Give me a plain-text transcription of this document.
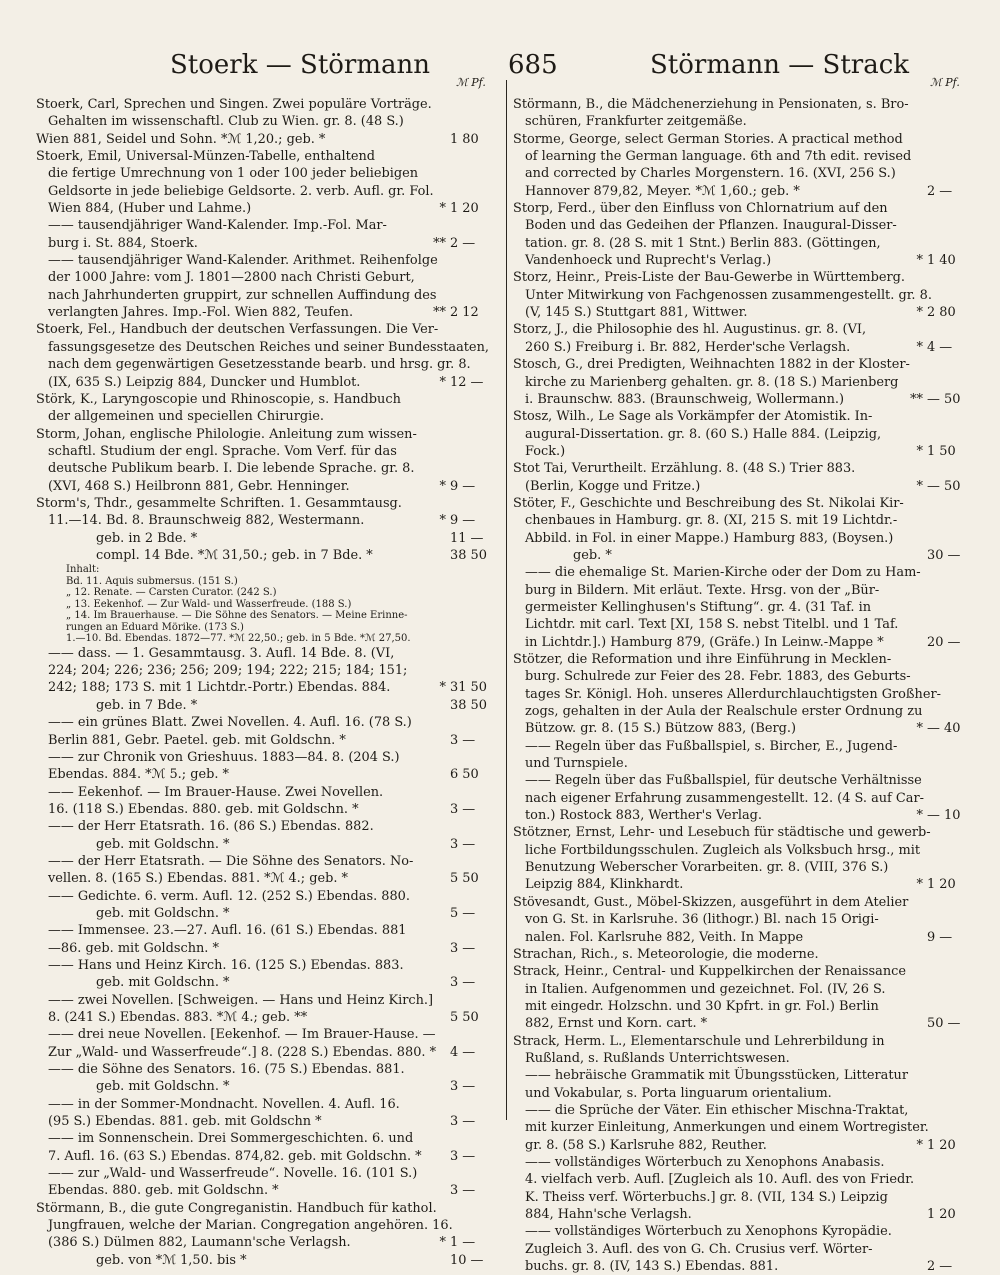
Stoerk — Störmann	685	Störmann — Strack
ℳ Pf.	ℳ Pf.
Stoerk, Carl, Sprechen und Singen. Zwei populäre Vorträge.
Gehalten im wissenschaftl. Club zu Wien. gr. 8. (48 S.)
Wien 881, Seidel und Sohn. *ℳ 1,20.; geb. *	1 80
Stoerk, Emil, Universal-Münzen-Tabelle, enthaltend
die fertige Umrechnung von 1 oder 100 jeder beliebigen
Geldsorte in jede beliebige Geldsorte. 2. verb. Aufl. gr. Fol.
Wien 884, (Huber und Lahme.)	* 1 20
—— tausendjähriger Wand-Kalender. Imp.-Fol. Mar-
burg i. St. 884, Stoerk.	** 2 —
—— tausendjähriger Wand-Kalender. Arithmet. Reihenfolge
der 1000 Jahre: vom J. 1801—2800 nach Christi Geburt,
nach Jahrhunderten gruppirt, zur schnellen Auffindung des
verlangten Jahres. Imp.-Fol. Wien 882, Teufen.	** 2 12
Stoerk, Fel., Handbuch der deutschen Verfassungen. Die Ver-
fassungsgesetze des Deutschen Reiches und seiner Bundesstaaten,
nach dem gegenwärtigen Gesetzesstande bearb. und hrsg. gr. 8.
(IX, 635 S.) Leipzig 884, Duncker und Humblot.	* 12 —
Störk, K., Laryngoscopie und Rhinoscopie, s. Handbuch
der allgemeinen und speciellen Chirurgie.
Storm, Johan, englische Philologie. Anleitung zum wissen-
schaftl. Studium der engl. Sprache. Vom Verf. für das
deutsche Publikum bearb. I. Die lebende Sprache. gr. 8.
(XVI, 468 S.) Heilbronn 881, Gebr. Henninger.	* 9 —
Storm's, Thdr., gesammelte Schriften. 1. Gesammtausg.
11.—14. Bd. 8. Braunschweig 882, Westermann.	* 9 —
geb. in 2 Bde. *	11 —
compl. 14 Bde. *ℳ 31,50.; geb. in 7 Bde. *	38 50
Inhalt:
Bd. 11. Aquis submersus. (151 S.)
„ 12. Renate. — Carsten Curator. (242 S.)
„ 13. Eekenhof. — Zur Wald- und Wasserfreude. (188 S.)
„ 14. Im Brauerhause. — Die Söhne des Senators. — Meine Erinne-
rungen an Eduard Mörike. (173 S.)
1.—10. Bd. Ebendas. 1872—77. *ℳ 22,50.; geb. in 5 Bde. *ℳ 27,50.
—— dass. — 1. Gesammtausg. 3. Aufl. 14 Bde. 8. (VI,
224; 204; 226; 236; 256; 209; 194; 222; 215; 184; 151;
242; 188; 173 S. mit 1 Lichtdr.-Portr.) Ebendas. 884.	* 31 50
geb. in 7 Bde. *	38 50
—— ein grünes Blatt. Zwei Novellen. 4. Aufl. 16. (78 S.)
Berlin 881, Gebr. Paetel. geb. mit Goldschn. *	3 —
—— zur Chronik von Grieshuus. 1883—84. 8. (204 S.)
Ebendas. 884. *ℳ 5.; geb. *	6 50
—— Eekenhof. — Im Brauer-Hause. Zwei Novellen.
16. (118 S.) Ebendas. 880. geb. mit Goldschn. *	3 —
—— der Herr Etatsrath. 16. (86 S.) Ebendas. 882.
geb. mit Goldschn. *	3 —
—— der Herr Etatsrath. — Die Söhne des Senators. No-
vellen. 8. (165 S.) Ebendas. 881. *ℳ 4.; geb. *	5 50
—— Gedichte. 6. verm. Aufl. 12. (252 S.) Ebendas. 880.
geb. mit Goldschn. *	5 —
—— Immensee. 23.—27. Aufl. 16. (61 S.) Ebendas. 881
—86. geb. mit Goldschn. *	3 —
—— Hans und Heinz Kirch. 16. (125 S.) Ebendas. 883.
geb. mit Goldschn. *	3 —
—— zwei Novellen. [Schweigen. — Hans und Heinz Kirch.]
8. (241 S.) Ebendas. 883. *ℳ 4.; geb. **	5 50
—— drei neue Novellen. [Eekenhof. — Im Brauer-Hause. —
Zur „Wald- und Wasserfreude“.] 8. (228 S.) Ebendas. 880. * 4 —
—— die Söhne des Senators. 16. (75 S.) Ebendas. 881.
geb. mit Goldschn. *	3 —
—— in der Sommer-Mondnacht. Novellen. 4. Aufl. 16.
(95 S.) Ebendas. 881. geb. mit Goldschn *	3 —
—— im Sonnenschein. Drei Sommergeschichten. 6. und
7. Aufl. 16. (63 S.) Ebendas. 874,82. geb. mit Goldschn. * 3 —
—— zur „Wald- und Wasserfreude“. Novelle. 16. (101 S.)
Ebendas. 880. geb. mit Goldschn. *	3 —
Störmann, B., die gute Congreganistin. Handbuch für kathol.
Jungfrauen, welche der Marian. Congregation angehören. 16.
(386 S.) Dülmen 882, Laumann'sche Verlagsh.	* 1 —
geb. von *ℳ 1,50. bis *	10 —
Störmann, B., die Mädchenerziehung in Pensionaten, s. Bro-
schüren, Frankfurter zeitgemäße.
Storme, George, select German Stories. A practical method
of learning the German language. 6th and 7th edit. revised
and corrected by Charles Morgenstern. 16. (XVI, 256 S.)
Hannover 879,82, Meyer. *ℳ 1,60.; geb. *	2 —
Storp, Ferd., über den Einfluss von Chlornatrium auf den
Boden und das Gedeihen der Pflanzen. Inaugural-Disser-
tation. gr. 8. (28 S. mit 1 Stnt.) Berlin 883. (Göttingen,
Vandenhoeck und Ruprecht's Verlag.)	* 1 40
Storz, Heinr., Preis-Liste der Bau-Gewerbe in Württemberg.
Unter Mitwirkung von Fachgenossen zusammengestellt. gr. 8.
(V, 145 S.) Stuttgart 881, Wittwer.	* 2 80
Storz, J., die Philosophie des hl. Augustinus. gr. 8. (VI,
260 S.) Freiburg i. Br. 882, Herder'sche Verlagsh.	* 4 —
Stosch, G., drei Predigten, Weihnachten 1882 in der Kloster-
kirche zu Marienberg gehalten. gr. 8. (18 S.) Marienberg
i. Braunschw. 883. (Braunschweig, Wollermann.)	** — 50
Stosz, Wilh., Le Sage als Vorkämpfer der Atomistik. In-
augural-Dissertation. gr. 8. (60 S.) Halle 884. (Leipzig,
Fock.)	* 1 50
Stot Tai, Verurtheilt. Erzählung. 8. (48 S.) Trier 883.
(Berlin, Kogge und Fritze.)	* — 50
Stöter, F., Geschichte und Beschreibung des St. Nikolai Kir-
chenbaues in Hamburg. gr. 8. (XI, 215 S. mit 19 Lichtdr.-
Abbild. in Fol. in einer Mappe.) Hamburg 883, (Boysen.)
geb. *	30 —
—— die ehemalige St. Marien-Kirche oder der Dom zu Ham-
burg in Bildern. Mit erläut. Texte. Hrsg. von der „Bür-
germeister Kellinghusen's Stiftung“. gr. 4. (31 Taf. in
Lichtdr. mit carl. Text [XI, 158 S. nebst Titelbl. und 1 Taf.
in Lichtdr.].) Hamburg 879, (Gräfe.) In Leinw.-Mappe *	20 —
Stötzer, die Reformation und ihre Einführung in Mecklen-
burg. Schulrede zur Feier des 28. Febr. 1883, des Geburts-
tages Sr. Königl. Hoh. unseres Allerdurchlauchtigsten Großher-
zogs, gehalten in der Aula der Realschule erster Ordnung zu
Bützow. gr. 8. (15 S.) Bützow 883, (Berg.)	* — 40
—— Regeln über das Fußballspiel, s. Bircher, E., Jugend-
und Turnspiele.
—— Regeln über das Fußballspiel, für deutsche Verhältnisse
nach eigener Erfahrung zusammengestellt. 12. (4 S. auf Car-
ton.) Rostock 883, Werther's Verlag.	* — 10
Stötzner, Ernst, Lehr- und Lesebuch für städtische und gewerb-
liche Fortbildungsschulen. Zugleich als Volksbuch hrsg., mit
Benutzung Weberscher Vorarbeiten. gr. 8. (VIII, 376 S.)
Leipzig 884, Klinkhardt.	* 1 20
Stövesandt, Gust., Möbel-Skizzen, ausgeführt in dem Atelier
von G. St. in Karlsruhe. 36 (lithogr.) Bl. nach 15 Origi-
nalen. Fol. Karlsruhe 882, Veith. In Mappe	9 —
Strachan, Rich., s. Meteorologie, die moderne.
Strack, Heinr., Central- und Kuppelkirchen der Renaissance
in Italien. Aufgenommen und gezeichnet. Fol. (IV, 26 S.
mit eingedr. Holzschn. und 30 Kpfrt. in gr. Fol.) Berlin
882, Ernst und Korn. cart. *	50 —
Strack, Herm. L., Elementarschule und Lehrerbildung in
Rußland, s. Rußlands Unterrichtswesen.
—— hebräische Grammatik mit Übungsstücken, Litteratur
und Vokabular, s. Porta linguarum orientalium.
—— die Sprüche der Väter. Ein ethischer Mischna-Traktat,
mit kurzer Einleitung, Anmerkungen und einem Wortregister.
gr. 8. (58 S.) Karlsruhe 882, Reuther.	* 1 20
—— vollständiges Wörterbuch zu Xenophons Anabasis.
4. vielfach verb. Aufl. [Zugleich als 10. Aufl. des von Friedr.
K. Theiss verf. Wörterbuchs.] gr. 8. (VII, 134 S.) Leipzig
884, Hahn'sche Verlagsh.	1 20
—— vollständiges Wörterbuch zu Xenophons Kyropädie.
Zugleich 3. Aufl. des von G. Ch. Crusius verf. Wörter-
buchs. gr. 8. (IV, 143 S.) Ebendas. 881.	2 —
